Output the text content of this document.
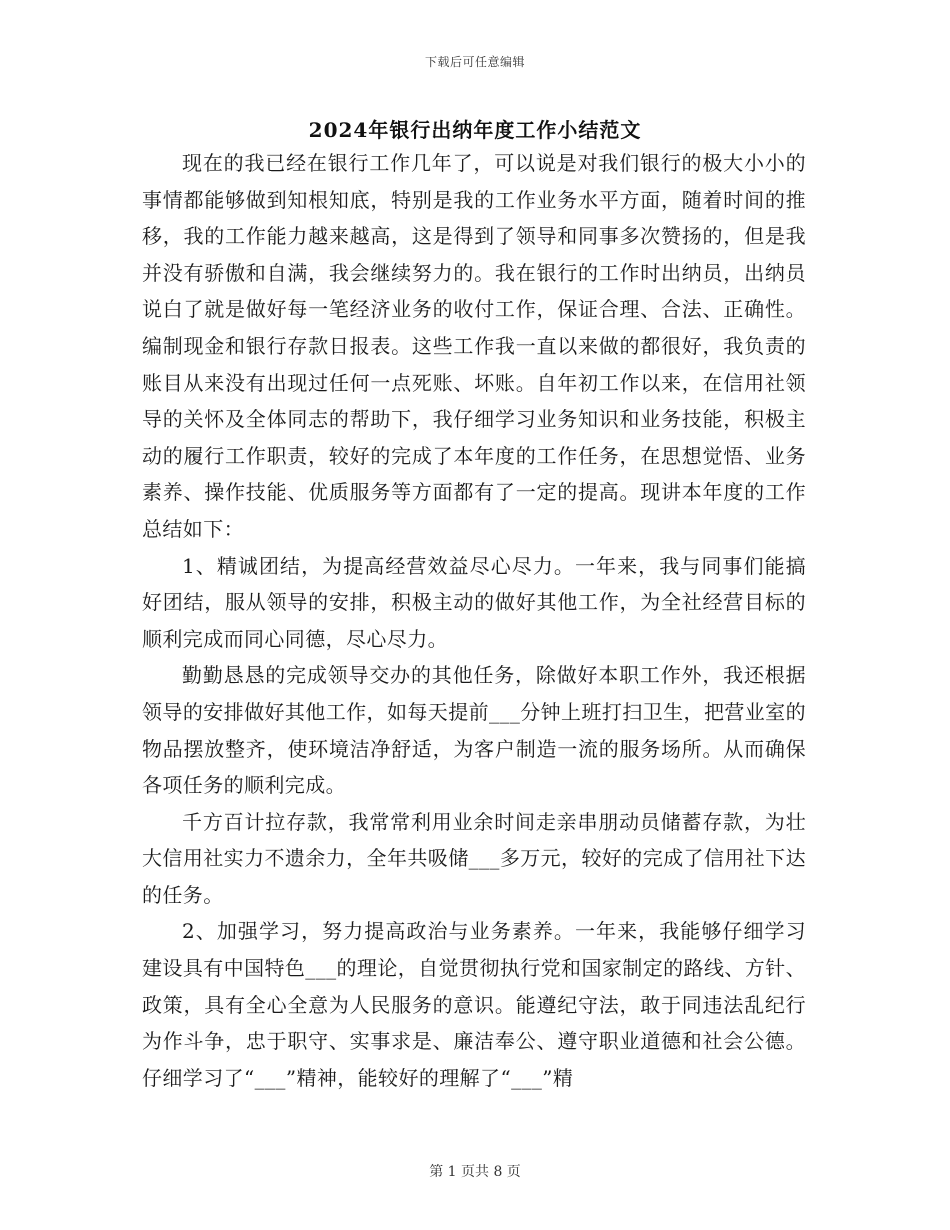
下载后可任意编辑
2024年银行出纳年度工作小结范文

现在的我已经在银行工作几年了，可以说是对我们银行的极大小小的事情都能够做到知根知底，特别是我的工作业务水平方面，随着时间的推移，我的工作能力越来越高，这是得到了领导和同事多次赞扬的，但是我并没有骄傲和自满，我会继续努力的。我在银行的工作时出纳员，出纳员说白了就是做好每一笔经济业务的收付工作，保证合理、合法、正确性。编制现金和银行存款日报表。这些工作我一直以来做的都很好，我负责的账目从来没有出现过任何一点死账、坏账。自年初工作以来，在信用社领导的关怀及全体同志的帮助下，我仔细学习业务知识和业务技能，积极主动的履行工作职责，较好的完成了本年度的工作任务，在思想觉悟、业务素养、操作技能、优质服务等方面都有了一定的提高。现讲本年度的工作总结如下：

1、精诚团结，为提高经营效益尽心尽力。一年来，我与同事们能搞好团结，服从领导的安排，积极主动的做好其他工作，为全社经营目标的顺利完成而同心同德，尽心尽力。

勤勤恳恳的完成领导交办的其他任务，除做好本职工作外，我还根据领导的安排做好其他工作，如每天提前___分钟上班打扫卫生，把营业室的物品摆放整齐，使环境洁净舒适，为客户制造一流的服务场所。从而确保各项任务的顺利完成。

千方百计拉存款，我常常利用业余时间走亲串朋动员储蓄存款，为壮大信用社实力不遗余力，全年共吸储___多万元，较好的完成了信用社下达的任务。

2、加强学习，努力提高政治与业务素养。一年来，我能够仔细学习建设具有中国特色___的理论，自觉贯彻执行党和国家制定的路线、方针、政策，具有全心全意为人民服务的意识。能遵纪守法，敢于同违法乱纪行为作斗争，忠于职守、实事求是、廉洁奉公、遵守职业道德和社会公德。仔细学习了“___”精神，能较好的理解了“___”精

第 1 页共 8 页
